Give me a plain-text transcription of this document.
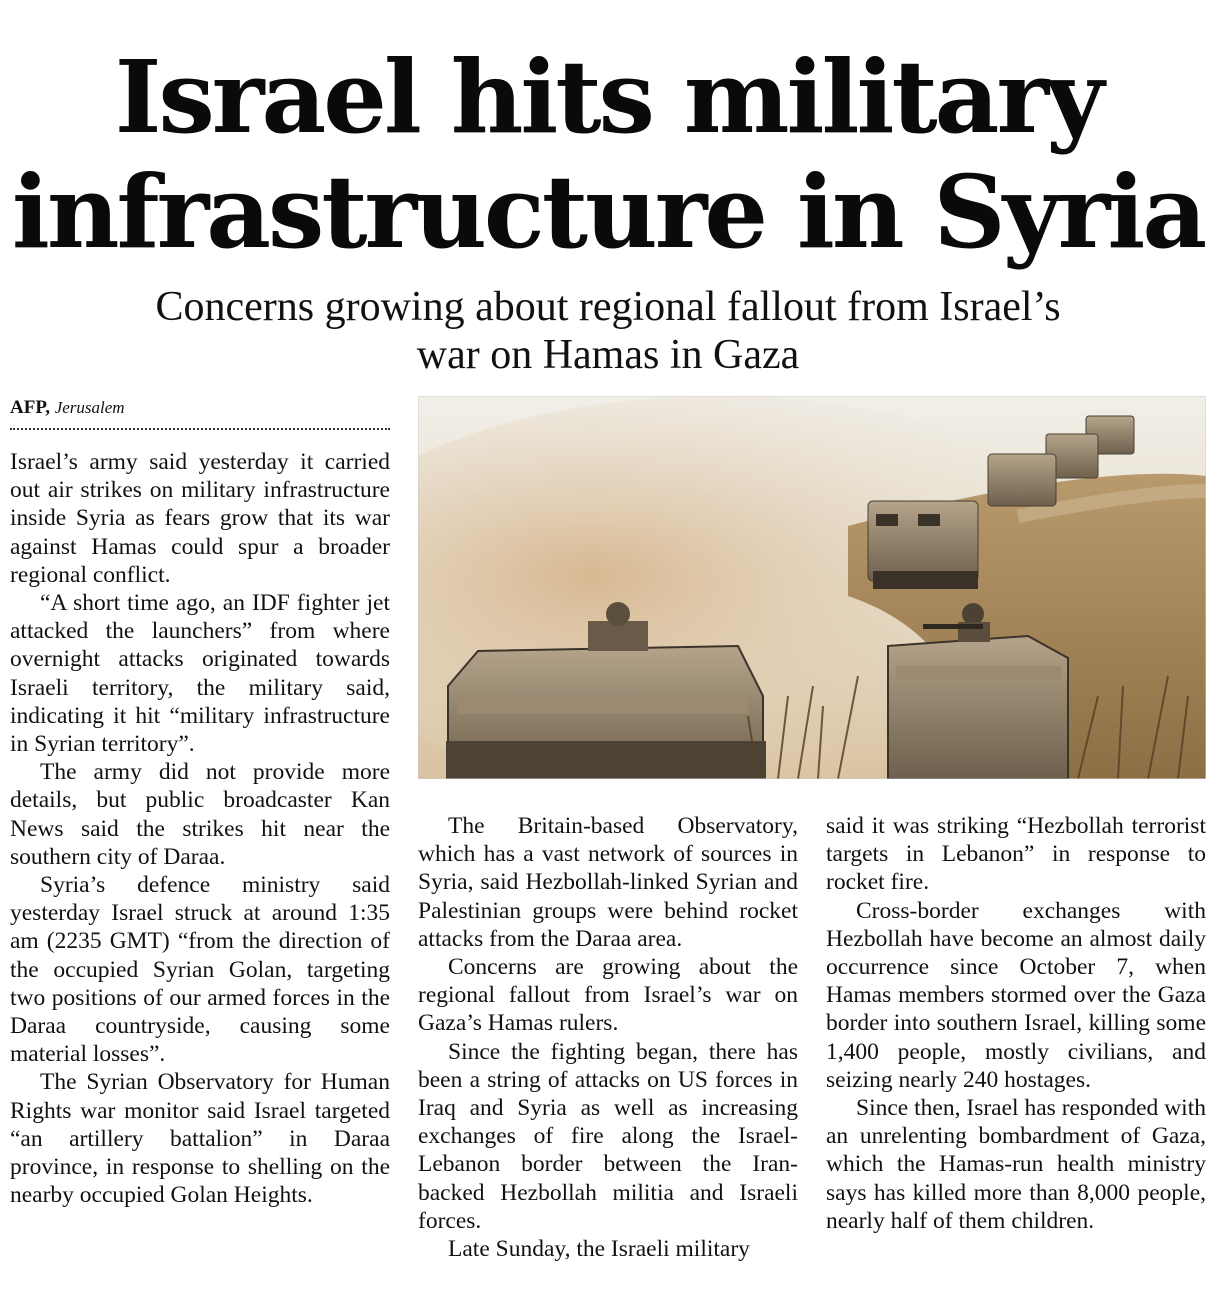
Israel hits military
infrastructure in Syria
Concerns growing about regional fallout from Israel’s
war on Hamas in Gaza
AFP, Jerusalem

Israel’s army said yesterday it carried out air strikes on military infrastructure inside Syria as fears grow that its war against Hamas could spur a broader regional conflict.

“A short time ago, an IDF fighter jet attacked the launchers” from where overnight attacks originated towards Israeli territory, the military said, indicating it hit “military infrastructure in Syrian territory”.

The army did not provide more details, but public broadcaster Kan News said the strikes hit near the southern city of Daraa.

Syria’s defence ministry said yesterday Israel struck at around 1:35 am (2235 GMT) “from the direction of the occupied Syrian Golan, targeting two positions of our armed forces in the Daraa countryside, causing some material losses”.

The Syrian Observatory for Human Rights war monitor said Israel targeted “an artillery battalion” in Daraa province, in response to shelling on the nearby occupied Golan Heights.

The Britain-based Observatory, which has a vast network of sources in Syria, said Hezbollah-linked Syrian and Palestinian groups were behind rocket attacks from the Daraa area.

Concerns are growing about the regional fallout from Israel’s war on Gaza’s Hamas rulers.

Since the fighting began, there has been a string of attacks on US forces in Iraq and Syria as well as increasing exchanges of fire along the Israel-Lebanon border between the Iran-backed Hezbollah militia and Israeli forces.

Late Sunday, the Israeli military

said it was striking “Hezbollah terrorist targets in Lebanon” in response to rocket fire.

Cross-border exchanges with Hezbollah have become an almost daily occurrence since October 7, when Hamas members stormed over the Gaza border into southern Israel, killing some 1,400 people, mostly civilians, and seizing nearly 240 hostages.

Since then, Israel has responded with an unrelenting bombardment of Gaza, which the Hamas-run health ministry says has killed more than 8,000 people, nearly half of them children.
